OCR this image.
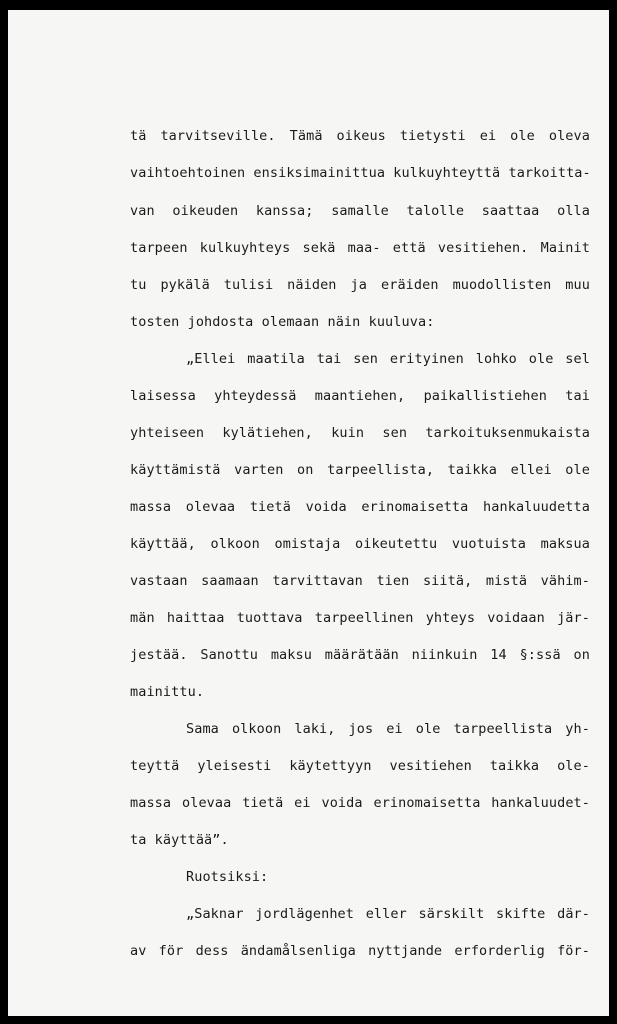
tä tarvitseville. Tämä oikeus tietysti ei ole oleva
vaihtoehtoinen ensiksimainittua kulkuyhteyttä tarkoitta-
van oikeuden kanssa; samalle talolle saattaa olla
tarpeen kulkuyhteys sekä maa- että vesitiehen. Mainit
tu pykälä tulisi näiden ja eräiden muodollisten muu
tosten johdosta olemaan näin kuuluva:
„Ellei maatila tai sen erityinen lohko ole sel
laisessa yhteydessä maantiehen, paikallistiehen tai
yhteiseen kylätiehen, kuin sen tarkoituksenmukaista
käyttämistä varten on tarpeellista, taikka ellei ole
massa olevaa tietä voida erinomaisetta hankaluudetta
käyttää, olkoon omistaja oikeutettu vuotuista maksua
vastaan saamaan tarvittavan tien siitä, mistä vähim-
män haittaa tuottava tarpeellinen yhteys voidaan jär-
jestää. Sanottu maksu määrätään niinkuin 14 §:ssä on
mainittu.
Sama olkoon laki, jos ei ole tarpeellista yh-
teyttä yleisesti käytettyyn vesitiehen taikka ole-
massa olevaa tietä ei voida erinomaisetta hankaluudet-
ta käyttää”.
Ruotsiksi:
„Saknar jordlägenhet eller särskilt skifte där-
av för dess ändamålsenliga nyttjande erforderlig för-
